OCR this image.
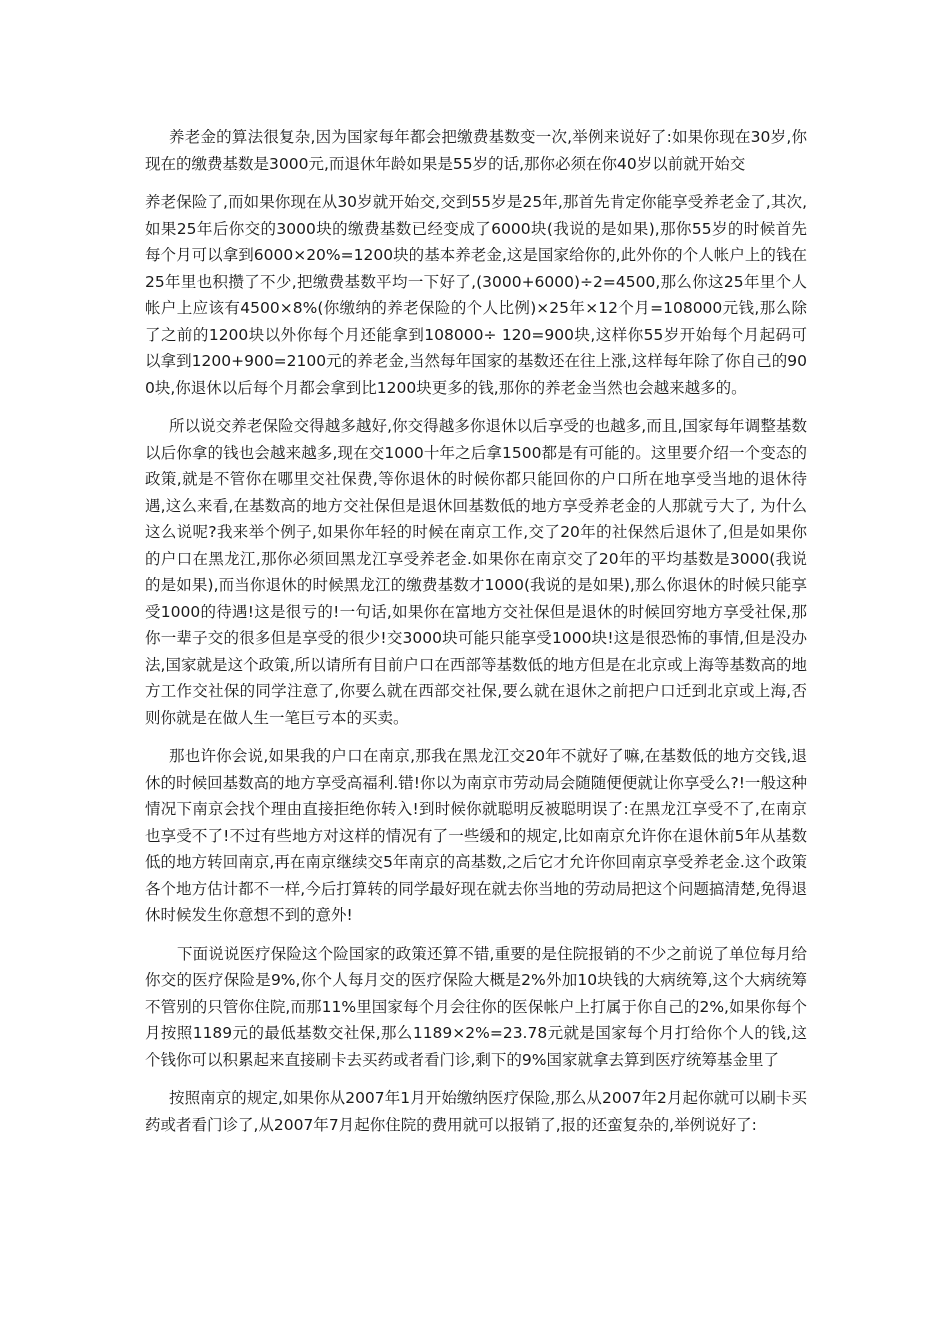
养老金的算法很复杂,因为国家每年都会把缴费基数变一次,举例来说好了:如果你现在30岁,你现在的缴费基数是3000元,而退休年龄如果是55岁的话,那你必须在你40岁以前就开始交

养老保险了,而如果你现在从30岁就开始交,交到55岁是25年,那首先肯定你能享受养老金了,其次,如果25年后你交的3000块的缴费基数已经变成了6000块(我说的是如果),那你55岁的时候首先每个月可以拿到6000×20%=1200块的基本养老金,这是国家给你的,此外你的个人帐户上的钱在25年里也积攒了不少,把缴费基数平均一下好了,(3000+6000)÷2=4500,那么你这25年里个人帐户上应该有4500×8%(你缴纳的养老保险的个人比例)×25年×12个月=108000元钱,那么除了之前的1200块以外你每个月还能拿到108000÷ 120=900块,这样你55岁开始每个月起码可以拿到1200+900=2100元的养老金,当然每年国家的基数还在往上涨,这样每年除了你自己的900块,你退休以后每个月都会拿到比1200块更多的钱,那你的养老金当然也会越来越多的。

所以说交养老保险交得越多越好,你交得越多你退休以后享受的也越多,而且,国家每年调整基数以后你拿的钱也会越来越多,现在交1000十年之后拿1500都是有可能的。这里要介绍一个变态的政策,就是不管你在哪里交社保费,等你退休的时候你都只能回你的户口所在地享受当地的退休待遇,这么来看,在基数高的地方交社保但是退休回基数低的地方享受养老金的人那就亏大了, 为什么这么说呢?我来举个例子,如果你年轻的时候在南京工作,交了20年的社保然后退休了,但是如果你的户口在黑龙江,那你必须回黑龙江享受养老金.如果你在南京交了20年的平均基数是3000(我说的是如果),而当你退休的时候黑龙江的缴费基数才1000(我说的是如果),那么你退休的时候只能享受1000的待遇!这是很亏的!一句话,如果你在富地方交社保但是退休的时候回穷地方享受社保,那你一辈子交的很多但是享受的很少!交3000块可能只能享受1000块!这是很恐怖的事情,但是没办法,国家就是这个政策,所以请所有目前户口在西部等基数低的地方但是在北京或上海等基数高的地方工作交社保的同学注意了,你要么就在西部交社保,要么就在退休之前把户口迁到北京或上海,否则你就是在做人生一笔巨亏本的买卖。

那也许你会说,如果我的户口在南京,那我在黑龙江交20年不就好了嘛,在基数低的地方交钱,退休的时候回基数高的地方享受高福利.错!你以为南京市劳动局会随随便便就让你享受么?!一般这种情况下南京会找个理由直接拒绝你转入!到时候你就聪明反被聪明误了:在黑龙江享受不了,在南京也享受不了!不过有些地方对这样的情况有了一些缓和的规定,比如南京允许你在退休前5年从基数低的地方转回南京,再在南京继续交5年南京的高基数,之后它才允许你回南京享受养老金.这个政策各个地方估计都不一样,今后打算转的同学最好现在就去你当地的劳动局把这个问题搞清楚,免得退休时候发生你意想不到的意外!

下面说说医疗保险这个险国家的政策还算不错,重要的是住院报销的不少之前说了单位每月给你交的医疗保险是9%,你个人每月交的医疗保险大概是2%外加10块钱的大病统筹,这个大病统筹不管别的只管你住院,而那11%里国家每个月会往你的医保帐户上打属于你自己的2%,如果你每个月按照1189元的最低基数交社保,那么1189×2%=23.78元就是国家每个月打给你个人的钱,这个钱你可以积累起来直接刷卡去买药或者看门诊,剩下的9%国家就拿去算到医疗统筹基金里了

按照南京的规定,如果你从2007年1月开始缴纳医疗保险,那么从2007年2月起你就可以刷卡买药或者看门诊了,从2007年7月起你住院的费用就可以报销了,报的还蛮复杂的,举例说好了:
